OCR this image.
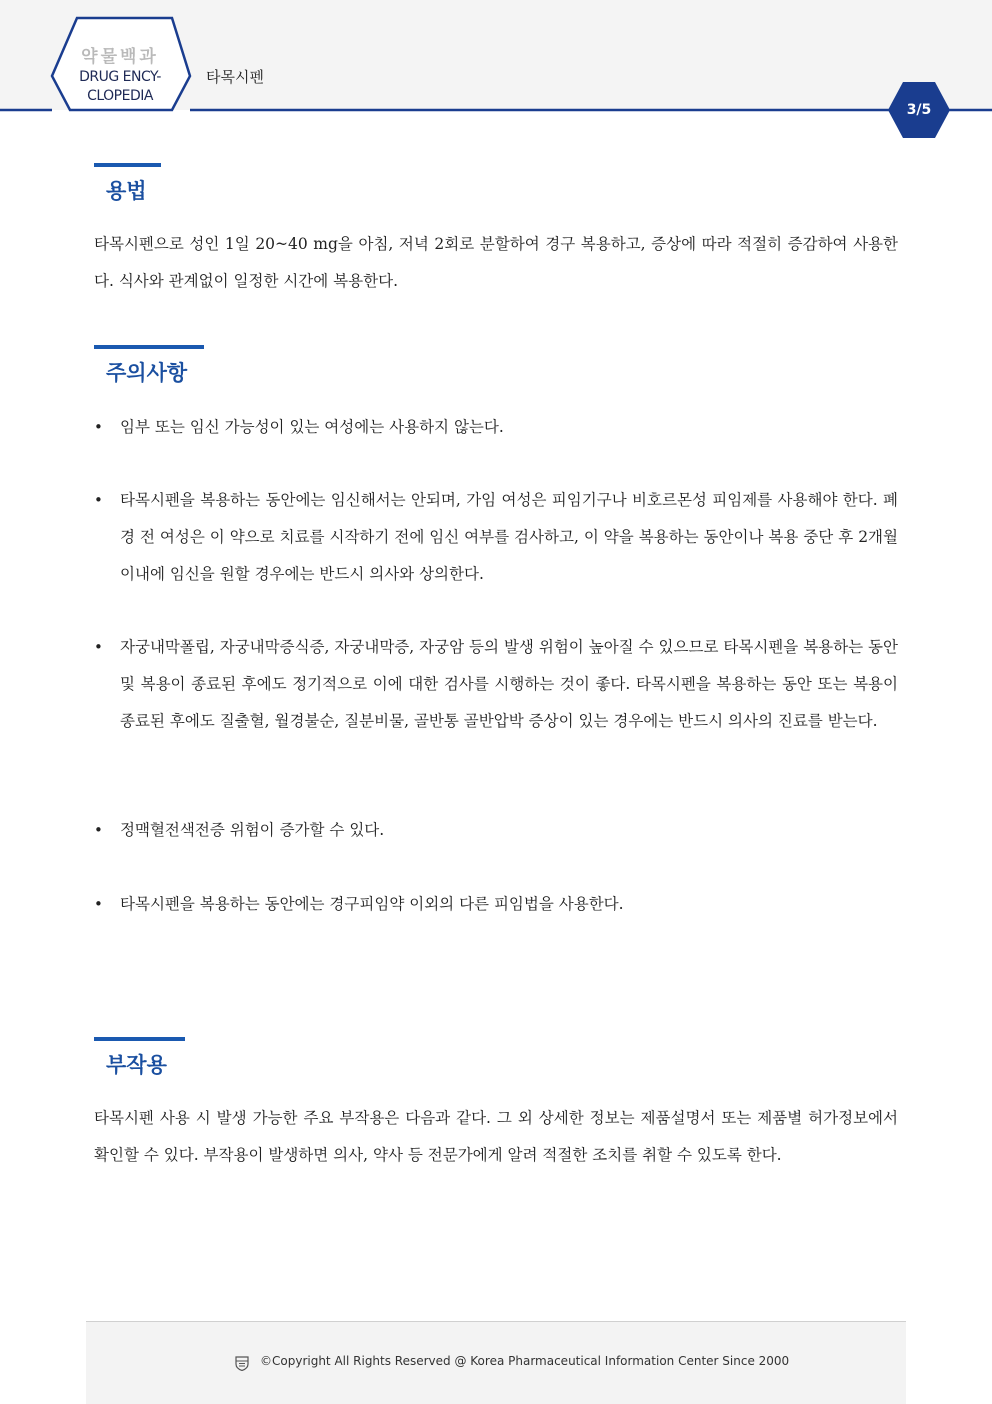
약물백과
DRUG ENCY-
CLOPEDIA
타목시펜
3/5
용법

타목시펜으로 성인 1일 20~40 mg을 아침, 저녁 2회로 분할하여 경구 복용하고, 증상에 따라 적절히 증감하여 사용한다. 식사와 관계없이 일정한 시간에 복용한다.

주의사항
• 임부 또는 임신 가능성이 있는 여성에는 사용하지 않는다.

• 타목시펜을 복용하는 동안에는 임신해서는 안되며, 가임 여성은 피임기구나 비호르몬성 피임제를 사용해야 한다. 폐경 전 여성은 이 약으로 치료를 시작하기 전에 임신 여부를 검사하고, 이 약을 복용하는 동안이나 복용 중단 후 2개월 이내에 임신을 원할 경우에는 반드시 의사와 상의한다.

• 자궁내막폴립, 자궁내막증식증, 자궁내막증, 자궁암 등의 발생 위험이 높아질 수 있으므로 타목시펜을 복용하는 동안 및 복용이 종료된 후에도 정기적으로 이에 대한 검사를 시행하는 것이 좋다. 타목시펜을 복용하는 동안 또는 복용이 종료된 후에도 질출혈, 월경불순, 질분비물, 골반통 골반압박 증상이 있는 경우에는 반드시 의사의 진료를 받는다.

• 정맥혈전색전증 위험이 증가할 수 있다.

• 타목시펜을 복용하는 동안에는 경구피임약 이외의 다른 피임법을 사용한다.

부작용

타목시펜 사용 시 발생 가능한 주요 부작용은 다음과 같다. 그 외 상세한 정보는 제품설명서 또는 제품별 허가정보에서 확인할 수 있다. 부작용이 발생하면 의사, 약사 등 전문가에게 알려 적절한 조치를 취할 수 있도록 한다.

©Copyright All Rights Reserved @ Korea Pharmaceutical Information Center Since 2000
